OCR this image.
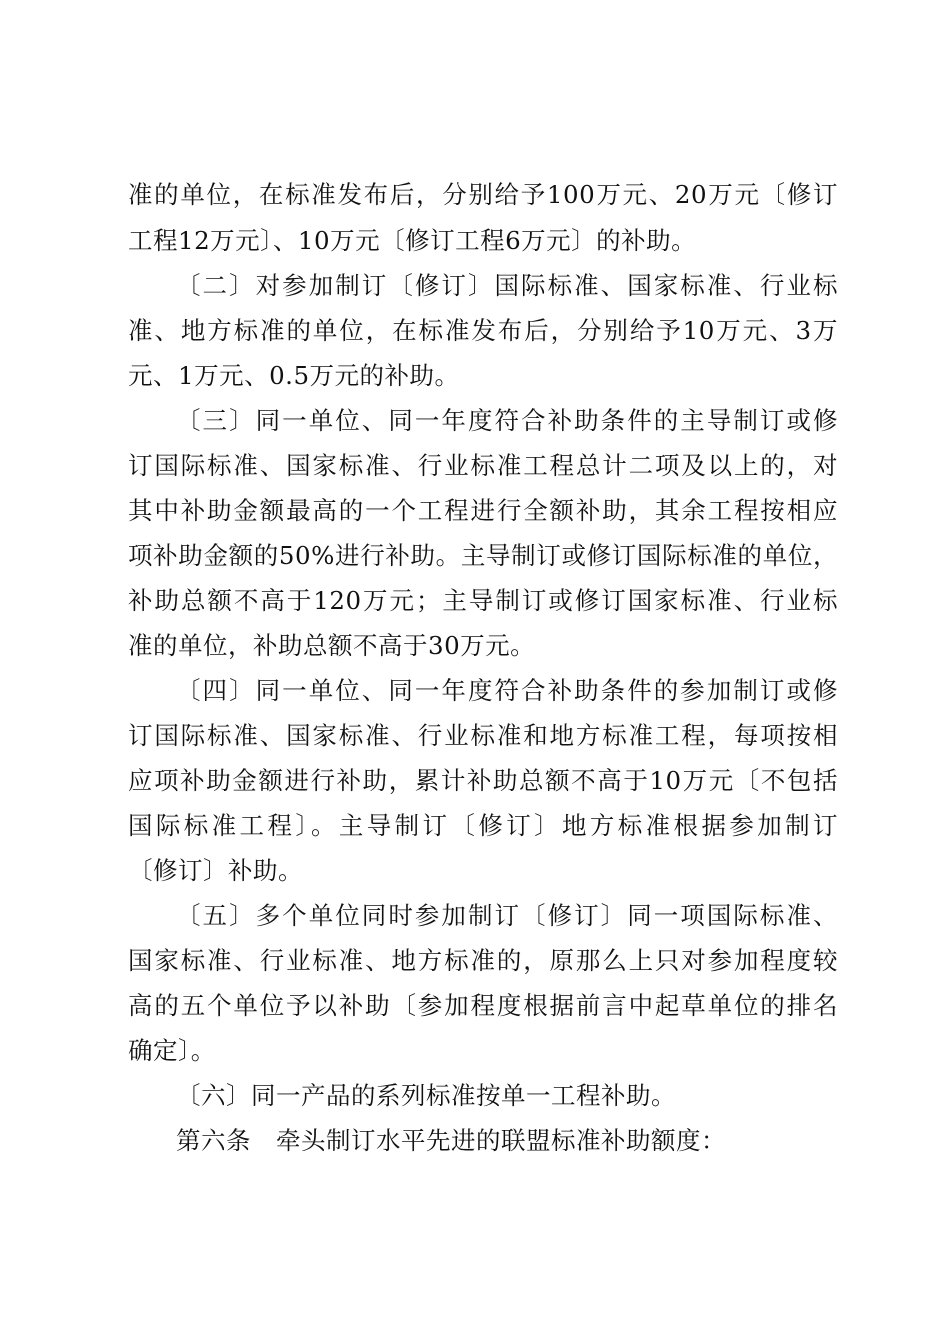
准的单位，在标准发布后，分别给予100万元、20万元〔修订
工程12万元〕、10万元〔修订工程6万元〕的补助。
〔二〕对参加制订〔修订〕国际标准、国家标准、行业标
准、地方标准的单位，在标准发布后，分别给予10万元、3万
元、1万元、0.5万元的补助。
〔三〕同一单位、同一年度符合补助条件的主导制订或修
订国际标准、国家标准、行业标准工程总计二项及以上的，对
其中补助金额最高的一个工程进行全额补助，其余工程按相应
项补助金额的50%进行补助。主导制订或修订国际标准的单位，
补助总额不高于120万元；主导制订或修订国家标准、行业标
准的单位，补助总额不高于30万元。
〔四〕同一单位、同一年度符合补助条件的参加制订或修
订国际标准、国家标准、行业标准和地方标准工程，每项按相
应项补助金额进行补助，累计补助总额不高于10万元〔不包括
国际标准工程〕。主导制订〔修订〕地方标准根据参加制订
〔修订〕补助。
〔五〕多个单位同时参加制订〔修订〕同一项国际标准、
国家标准、行业标准、地方标准的，原那么上只对参加程度较
高的五个单位予以补助〔参加程度根据前言中起草单位的排名
确定〕。
〔六〕同一产品的系列标准按单一工程补助。
第六条　牵头制订水平先进的联盟标准补助额度：
